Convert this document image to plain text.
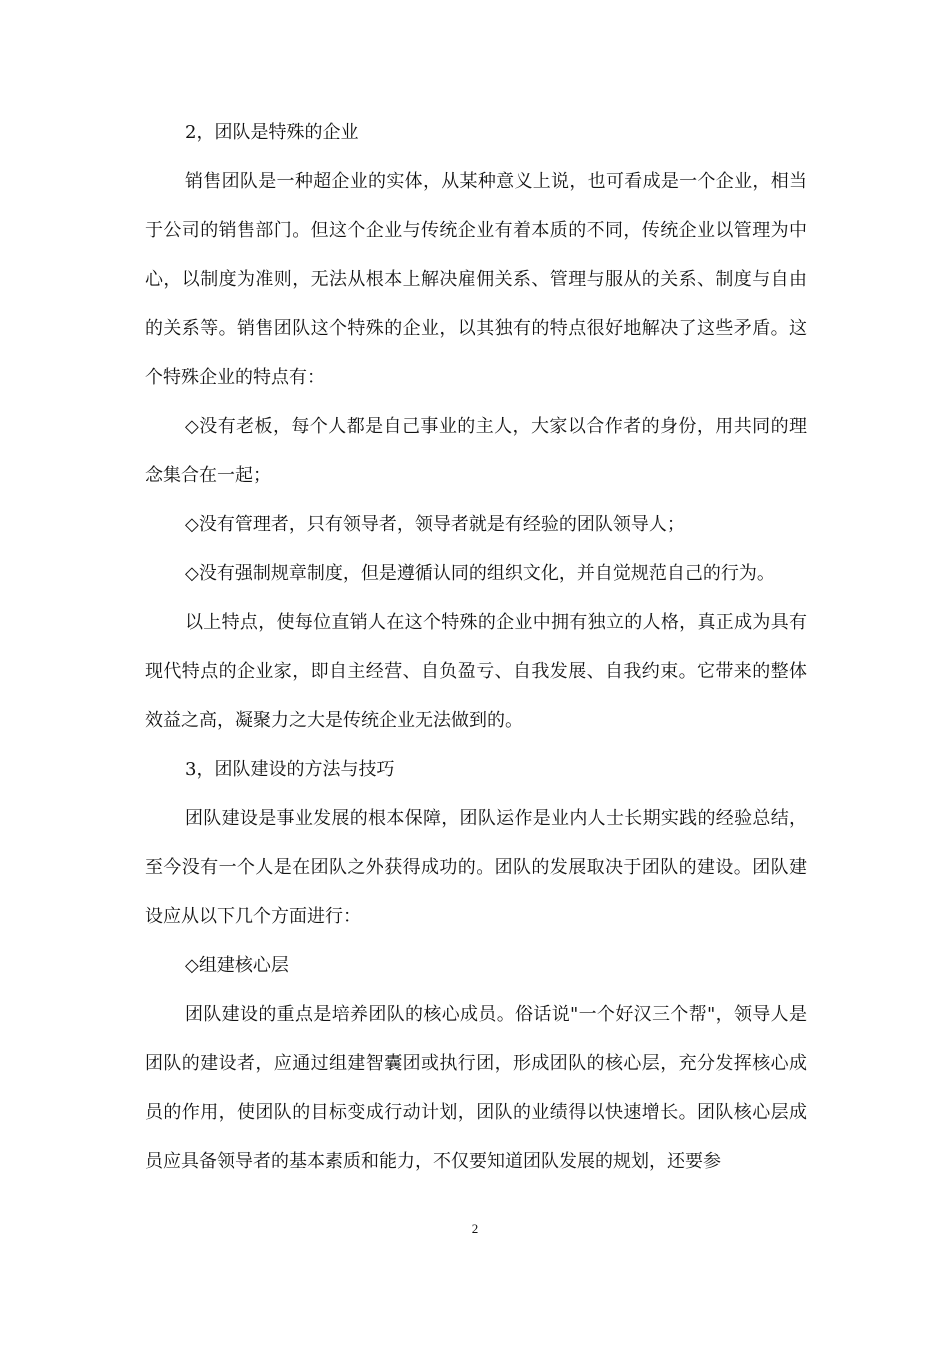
2，团队是特殊的企业

销售团队是一种超企业的实体，从某种意义上说，也可看成是一个企业，相当于公司的销售部门。但这个企业与传统企业有着本质的不同，传统企业以管理为中心，以制度为准则，无法从根本上解决雇佣关系、管理与服从的关系、制度与自由的关系等。销售团队这个特殊的企业，以其独有的特点很好地解决了这些矛盾。这个特殊企业的特点有：

◇没有老板，每个人都是自己事业的主人，大家以合作者的身份，用共同的理念集合在一起；

◇没有管理者，只有领导者，领导者就是有经验的团队领导人；

◇没有强制规章制度，但是遵循认同的组织文化，并自觉规范自己的行为。

以上特点，使每位直销人在这个特殊的企业中拥有独立的人格，真正成为具有现代特点的企业家，即自主经营、自负盈亏、自我发展、自我约束。它带来的整体效益之高，凝聚力之大是传统企业无法做到的。

3，团队建设的方法与技巧

团队建设是事业发展的根本保障，团队运作是业内人士长期实践的经验总结，至今没有一个人是在团队之外获得成功的。团队的发展取决于团队的建设。团队建设应从以下几个方面进行：

◇组建核心层

团队建设的重点是培养团队的核心成员。俗话说"一个好汉三个帮"，领导人是团队的建设者，应通过组建智囊团或执行团，形成团队的核心层，充分发挥核心成员的作用，使团队的目标变成行动计划，团队的业绩得以快速增长。团队核心层成员应具备领导者的基本素质和能力，不仅要知道团队发展的规划，还要参

2
